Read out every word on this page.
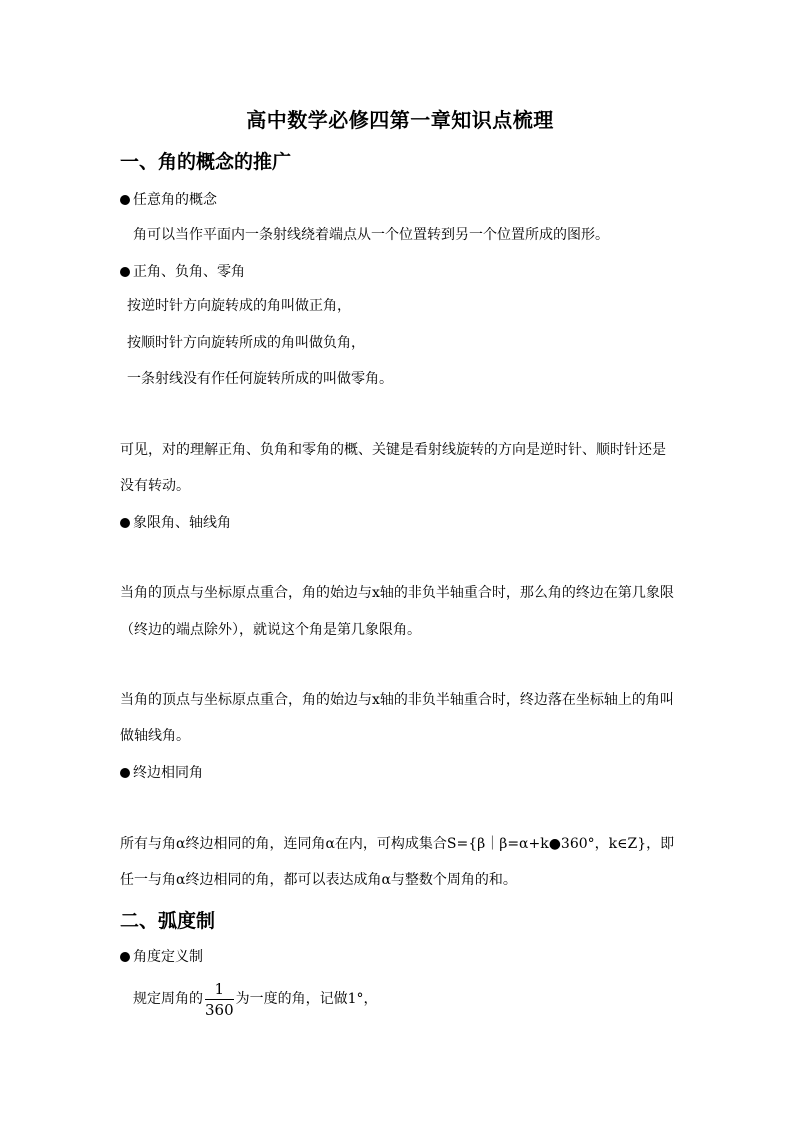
高中数学必修四第一章知识点梳理
一、角的概念的推广
任意角的概念
角可以当作平面内一条射线绕着端点从一个位置转到另一个位置所成的图形。
正角、负角、零角
按逆时针方向旋转成的角叫做正角，
按顺时针方向旋转所成的角叫做负角，
一条射线没有作任何旋转所成的叫做零角。
可见，对的理解正角、负角和零角的概、关键是看射线旋转的方向是逆时针、顺时针还是
没有转动。
象限角、轴线角
当角的顶点与坐标原点重合，角的始边与x轴的非负半轴重合时，那么角的终边在第几象限
（终边的端点除外），就说这个角是第几象限角。
当角的顶点与坐标原点重合，角的始边与x轴的非负半轴重合时，终边落在坐标轴上的角叫
做轴线角。
终边相同角
所有与角α终边相同的角，连同角α在内，可构成集合S={β｜β=α+k●360°，k∈Z}，即
任一与角α终边相同的角，都可以表达成角α与整数个周角的和。
二、弧度制
角度定义制
规定周角的 $\frac{1}{360}$ 为一度的角，记做1°，
